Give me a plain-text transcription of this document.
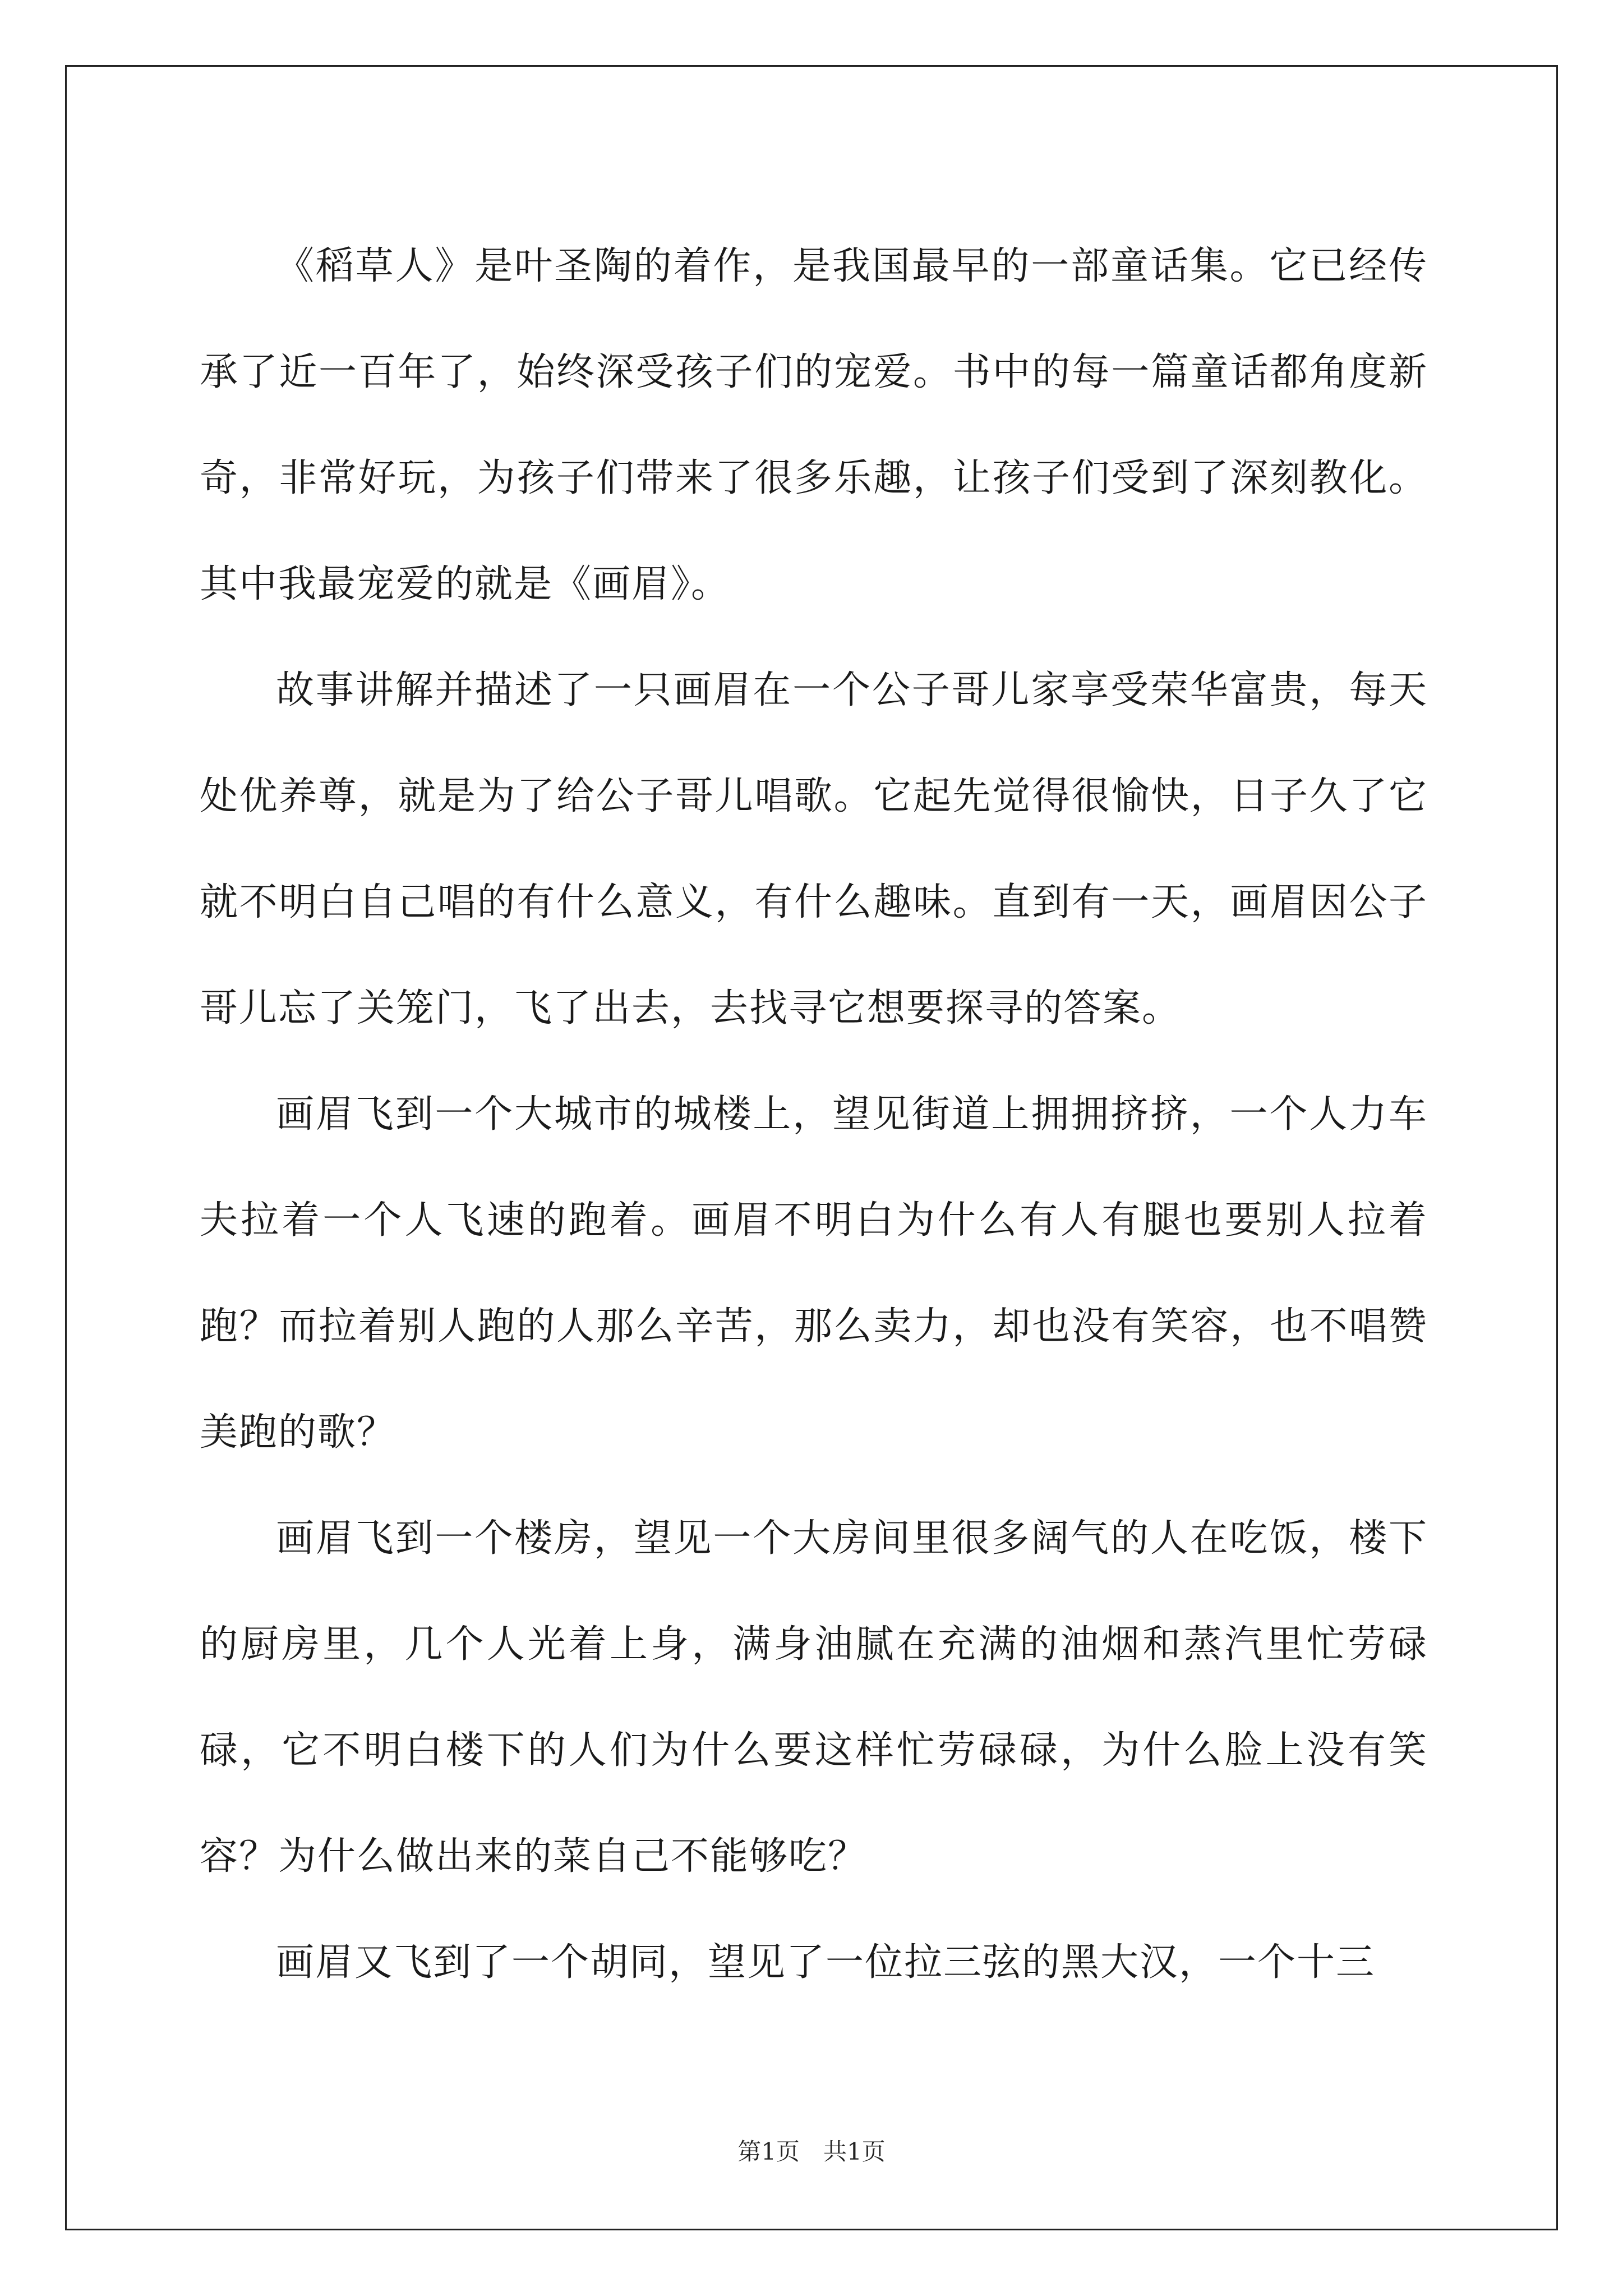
《稻草人》是叶圣陶的着作，是我国最早的一部童话集。它已经传承了近一百年了，始终深受孩子们的宠爱。书中的每一篇童话都角度新奇，非常好玩，为孩子们带来了很多乐趣，让孩子们受到了深刻教化。其中我最宠爱的就是《画眉》。

故事讲解并描述了一只画眉在一个公子哥儿家享受荣华富贵，每天处优养尊，就是为了给公子哥儿唱歌。它起先觉得很愉快，日子久了它就不明白自己唱的有什么意义，有什么趣味。直到有一天，画眉因公子哥儿忘了关笼门，飞了出去，去找寻它想要探寻的答案。

画眉飞到一个大城市的城楼上，望见街道上拥拥挤挤，一个人力车夫拉着一个人飞速的跑着。画眉不明白为什么有人有腿也要别人拉着跑？而拉着别人跑的人那么辛苦，那么卖力，却也没有笑容，也不唱赞美跑的歌？

画眉飞到一个楼房，望见一个大房间里很多阔气的人在吃饭，楼下的厨房里，几个人光着上身，满身油腻在充满的油烟和蒸汽里忙劳碌碌，它不明白楼下的人们为什么要这样忙劳碌碌，为什么脸上没有笑容？为什么做出来的菜自己不能够吃？

画眉又飞到了一个胡同，望见了一位拉三弦的黑大汉，一个十三

第1页　共1页
